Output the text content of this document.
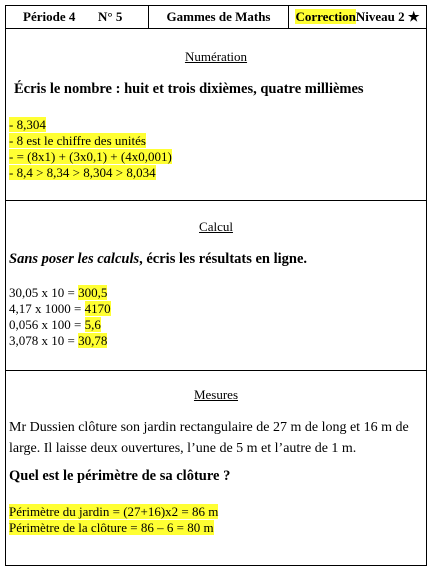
Période 4 N° 5	Gammes de Maths	CorrectionNiveau 2 ★
Numération
Écris le nombre : huit et trois dixièmes, quatre millièmes
- 8,304
- 8 est le chiffre des unités
- = (8x1) + (3x0,1) + (4x0,001)
- 8,4 > 8,34 > 8,304 > 8,034
Calcul
Sans poser les calculs, écris les résultats en ligne.
30,05 x 10 = 300,5
4,17 x 1000 = 4170
0,056 x 100 = 5,6
3,078 x 10 = 30,78
Mesures
Mr Dussien clôture son jardin rectangulaire de 27 m de long et 16 m de large. Il laisse deux ouvertures, l’une de 5 m et l’autre de 1 m.
Quel est le périmètre de sa clôture ?
Périmètre du jardin = (27+16)x2 = 86 m
Périmètre de la clôture = 86 – 6 = 80 m
